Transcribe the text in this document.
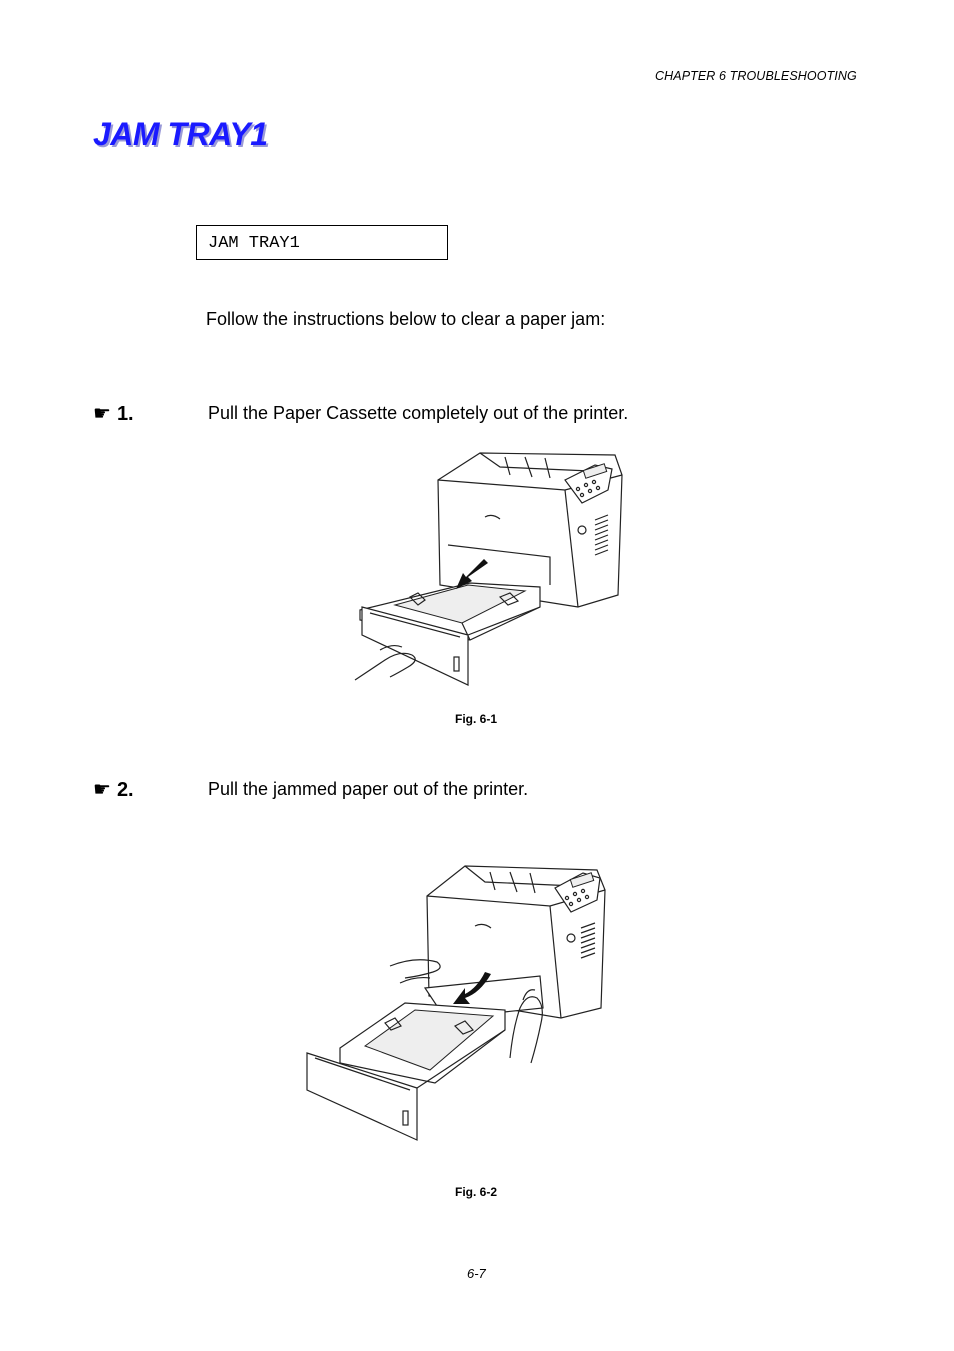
CHAPTER 6 TROUBLESHOOTING
JAM TRAY1
JAM TRAY1
Follow the instructions below to clear a paper jam:
☛ 1.	Pull the Paper Cassette completely out of the printer.
Fig. 6-1
☛ 2.	Pull the jammed paper out of the printer.
Fig. 6-2
6-7
